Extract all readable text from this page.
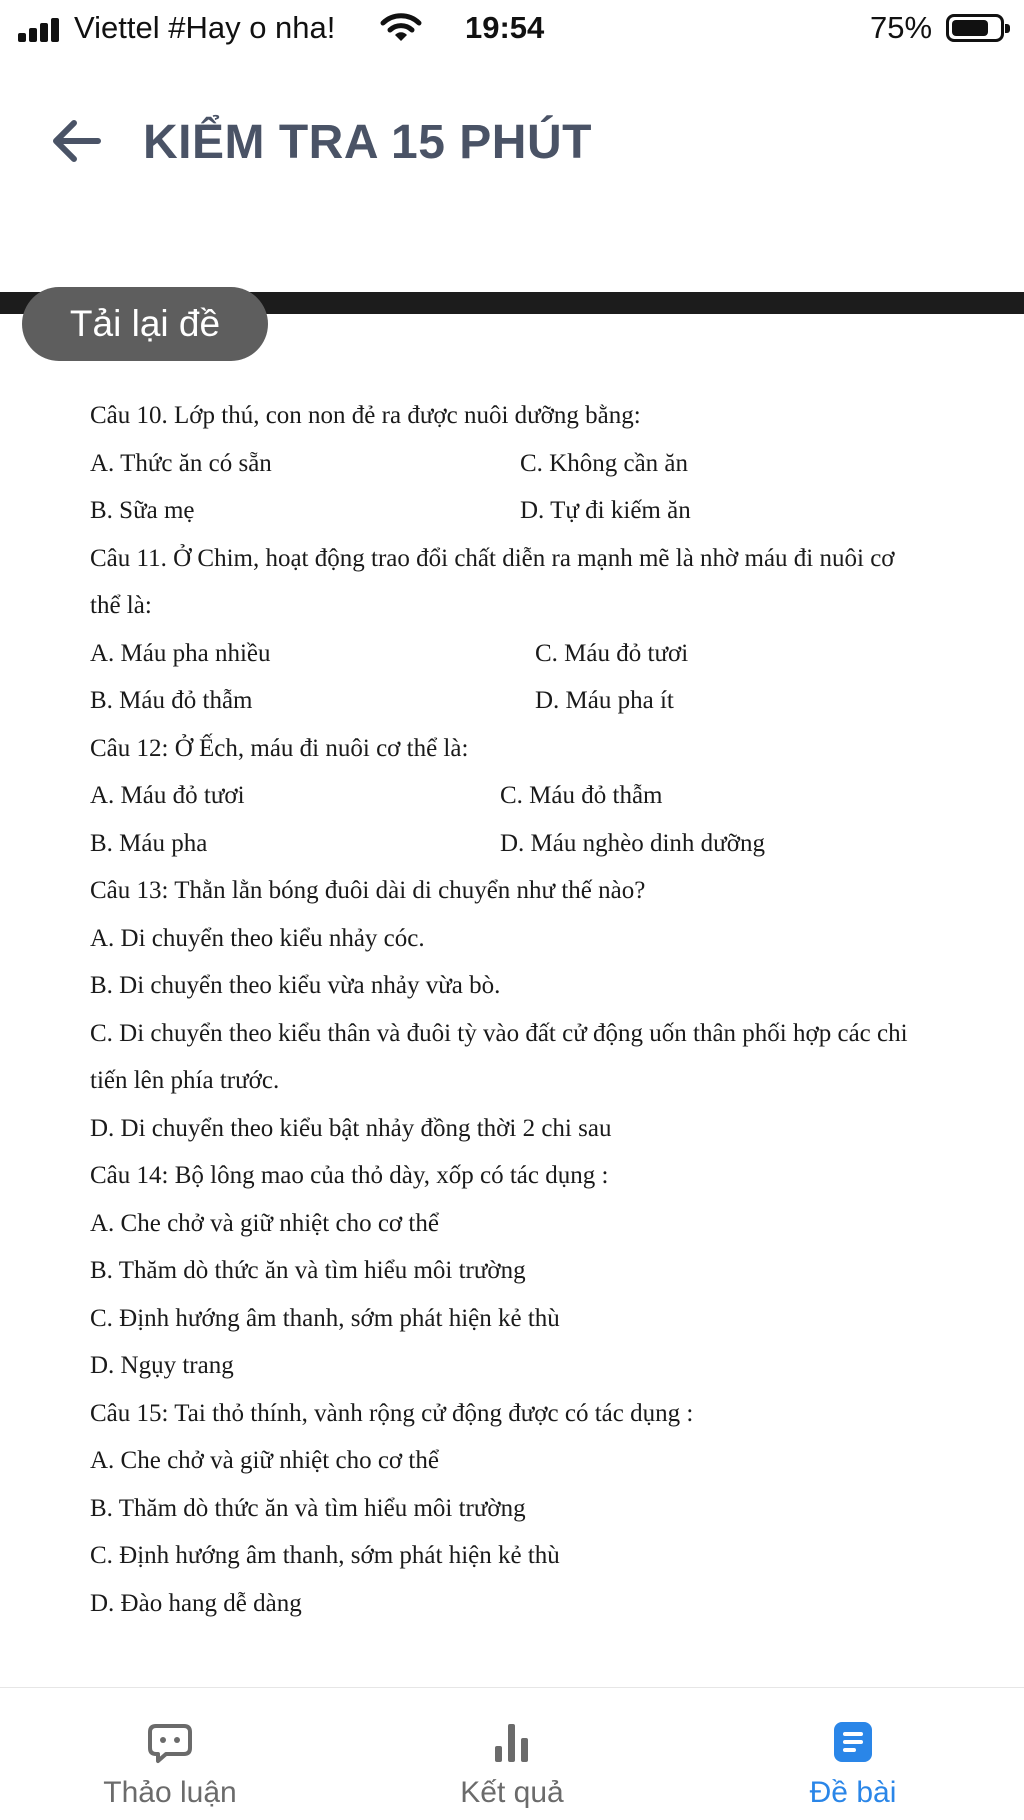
Viettel #Hay o nha!	19:54	75%
KIỂM TRA 15 PHÚT
Tải lại đề
Câu 10. Lớp thú, con non đẻ ra được nuôi dưỡng bằng:
A. Thức ăn có sẵn	C. Không cần ăn
B. Sữa mẹ	D. Tự đi kiếm ăn
Câu 11. Ở Chim, hoạt động trao đổi chất diễn ra mạnh mẽ là nhờ máu đi nuôi cơ
thể là:
A. Máu pha nhiều	C. Máu đỏ tươi
B. Máu đỏ thẫm	D. Máu pha ít
Câu 12: Ở Ếch, máu đi nuôi cơ thể là:
A. Máu đỏ tươi	C. Máu đỏ thẫm
B. Máu pha	D. Máu nghèo dinh dưỡng
Câu 13: Thằn lằn bóng đuôi dài di chuyển như thế nào?
A. Di chuyển theo kiểu nhảy cóc.
B. Di chuyển theo kiểu vừa nhảy vừa bò.
C. Di chuyển theo kiểu thân và đuôi tỳ vào đất cử động uốn thân phối hợp các chi
tiến lên phía trước.
D. Di chuyển theo kiểu bật nhảy đồng thời 2 chi sau
Câu 14: Bộ lông mao của thỏ dày, xốp có tác dụng :
A. Che chở và giữ nhiệt cho cơ thể
B. Thăm dò thức ăn và tìm hiểu môi trường
C. Định hướng âm thanh, sớm phát hiện kẻ thù
D. Ngụy trang
Câu 15: Tai thỏ thính, vành rộng cử động được có tác dụng :
A. Che chở và giữ nhiệt cho cơ thể
B. Thăm dò thức ăn và tìm hiểu môi trường
C. Định hướng âm thanh, sớm phát hiện kẻ thù
D. Đào hang dễ dàng
Thảo luận	Kết quả	Đề bài
